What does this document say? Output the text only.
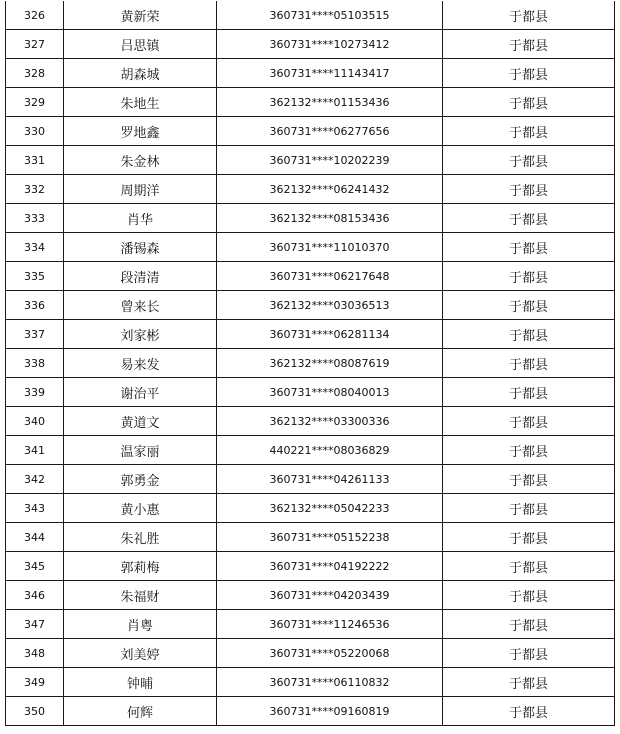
326	黄新荣	360731****05103515	于都县
327	吕思镇	360731****10273412	于都县
328	胡森城	360731****11143417	于都县
329	朱地生	362132****01153436	于都县
330	罗地鑫	360731****06277656	于都县
331	朱金林	360731****10202239	于都县
332	周期洋	362132****06241432	于都县
333	肖华	362132****08153436	于都县
334	潘锡森	360731****11010370	于都县
335	段清清	360731****06217648	于都县
336	曾来长	362132****03036513	于都县
337	刘家彬	360731****06281134	于都县
338	易来发	362132****08087619	于都县
339	谢治平	360731****08040013	于都县
340	黄道文	362132****03300336	于都县
341	温家丽	440221****08036829	于都县
342	郭勇金	360731****04261133	于都县
343	黄小惠	362132****05042233	于都县
344	朱礼胜	360731****05152238	于都县
345	郭莉梅	360731****04192222	于都县
346	朱福财	360731****04203439	于都县
347	肖粤	360731****11246536	于都县
348	刘美婷	360731****05220068	于都县
349	钟晡	360731****06110832	于都县
350	何辉	360731****09160819	于都县
